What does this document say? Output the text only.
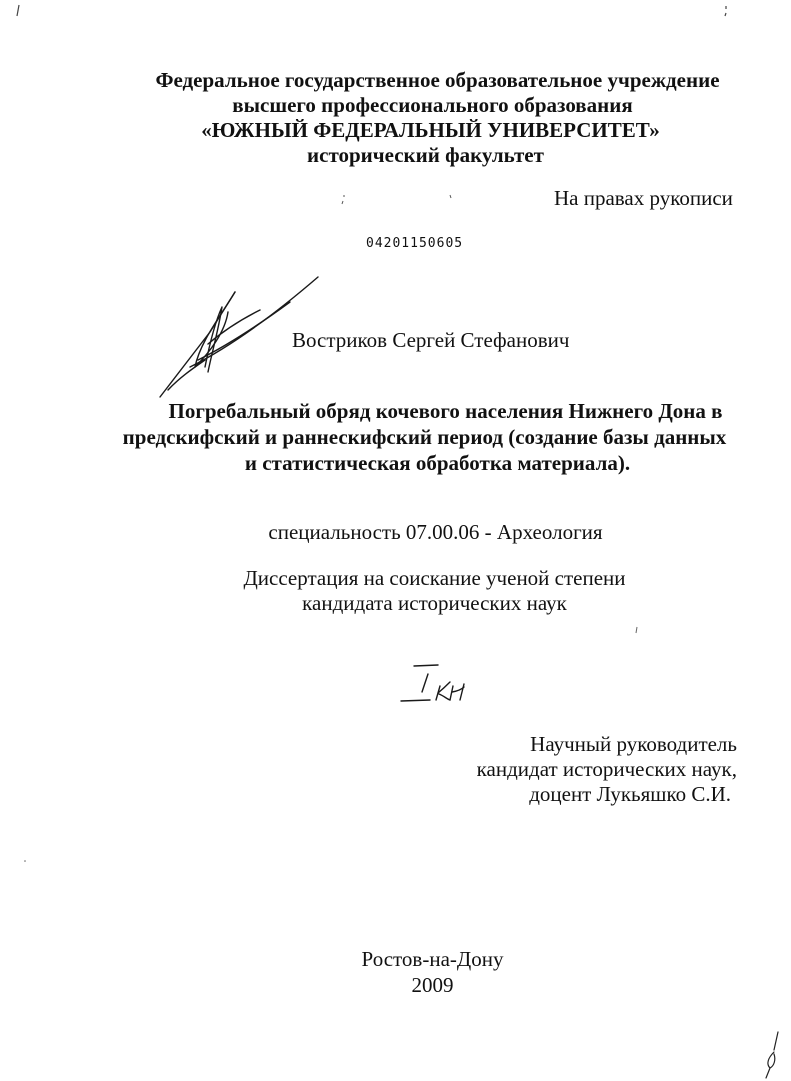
Федеральное государственное образовательное учреждение
высшего профессионального образования
«ЮЖНЫЙ ФЕДЕРАЛЬНЫЙ УНИВЕРСИТЕТ»
исторический факультет
На правах рукописи
04201150605
Востриков Сергей Стефанович
Погребальный обряд кочевого населения Нижнего Дона в
предскифский и раннескифский период (создание базы данных
и статистическая обработка материала).
специальность 07.00.06 - Археология
Диссертация на соискание ученой степени
кандидата исторических наук
Научный руководитель
кандидат исторических наук,
доцент Лукьяшко С.И.
Ростов-на-Дону
2009
